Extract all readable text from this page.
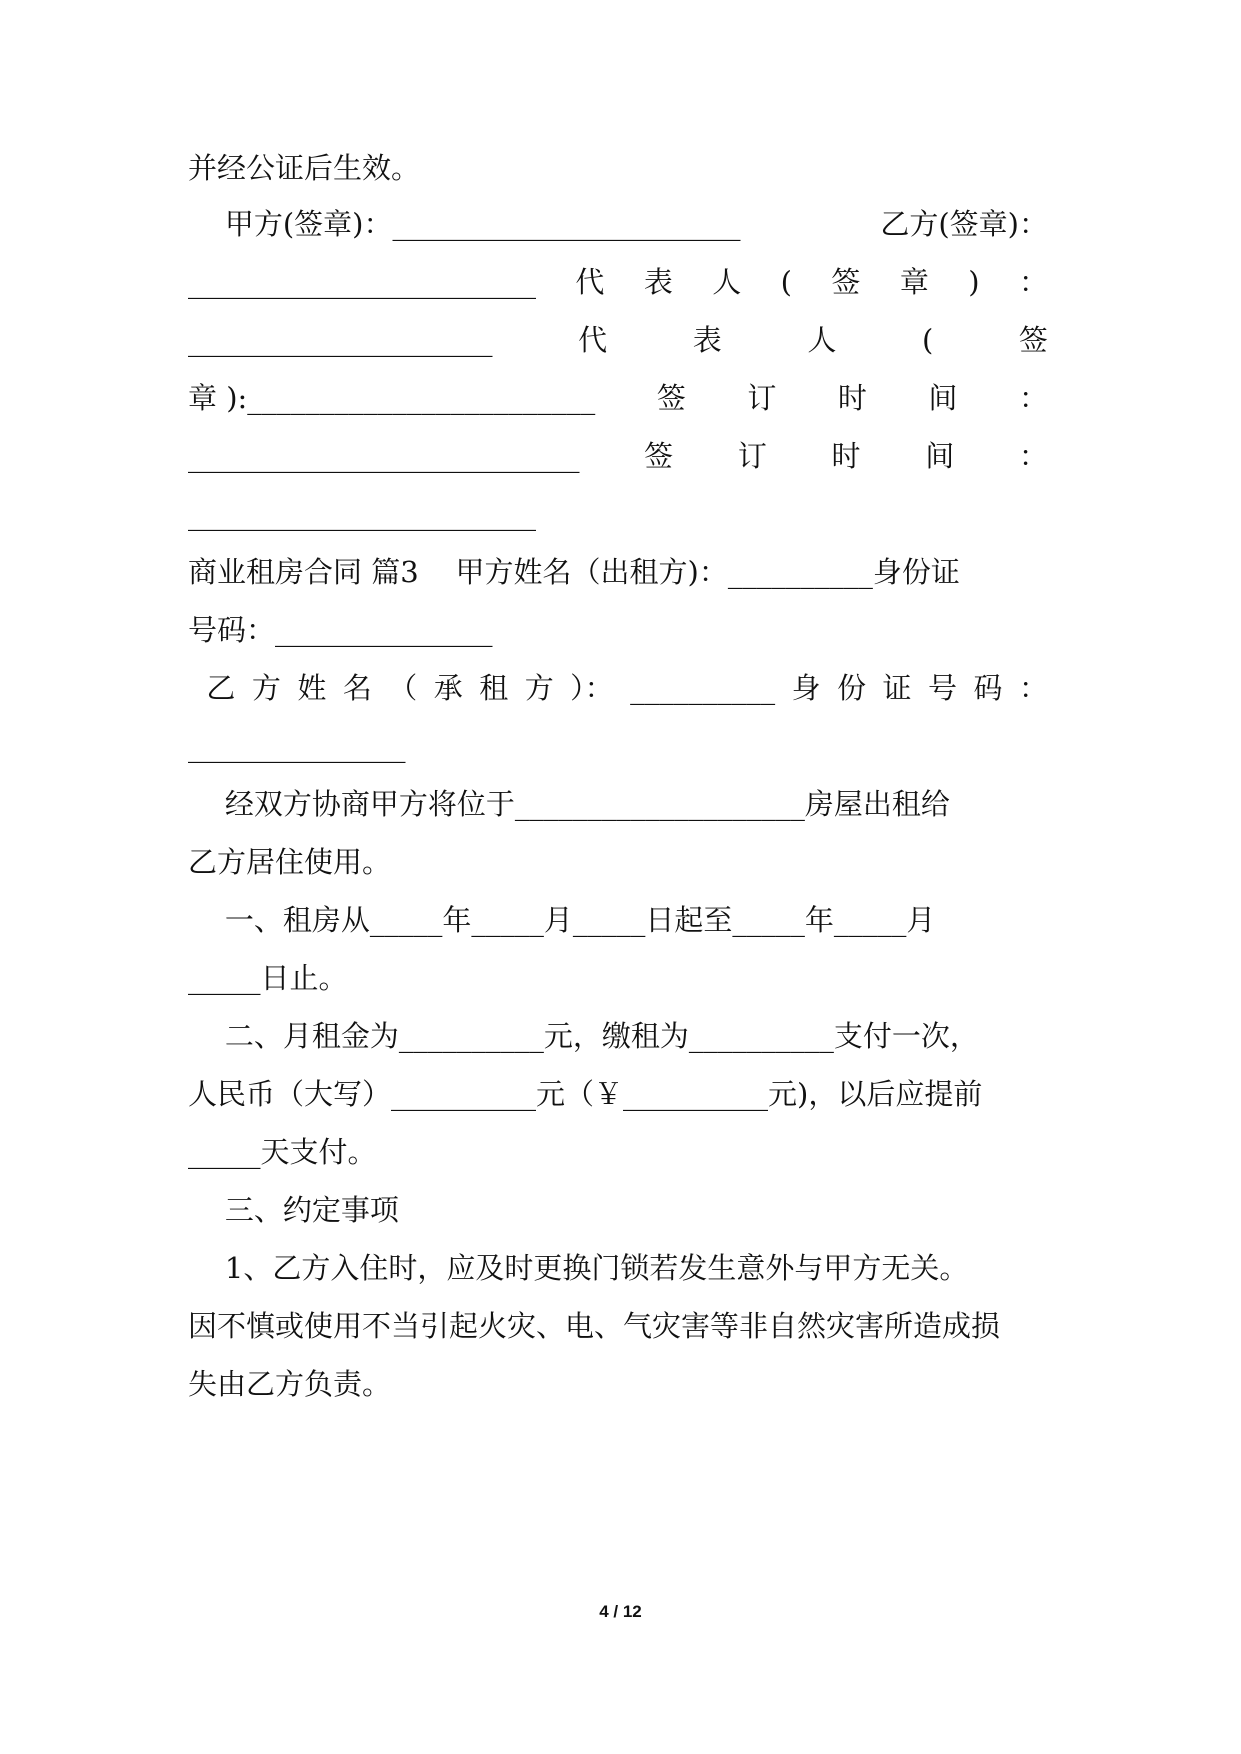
并经公证后生效。
甲方(签章)：________________________	乙方(签章)：
________________________ 代 表 人 ( 签 章 ) ：
_____________________	代	表	人	(	签
章 ):________________________ 签 订 时 间 ：
___________________________ 签 订 时 间 ：
________________________
商业租房合同 篇3    甲方姓名（出租方)：__________身份证
号码：_______________
乙 方 姓 名 （ 承 租 方 ）： __________ 身 份 证 号 码 ：
_______________
经双方协商甲方将位于____________________房屋出租给
乙方居住使用。
一、租房从_____年_____月_____日起至_____年_____月
_____日止。
二、月租金为__________元，缴租为__________支付一次，
人民币（大写）__________元（￥__________元)，以后应提前
_____天支付。
三、约定事项
1、乙方入住时，应及时更换门锁若发生意外与甲方无关。
因不慎或使用不当引起火灾、电、气灾害等非自然灾害所造成损
失由乙方负责。
4 / 12
